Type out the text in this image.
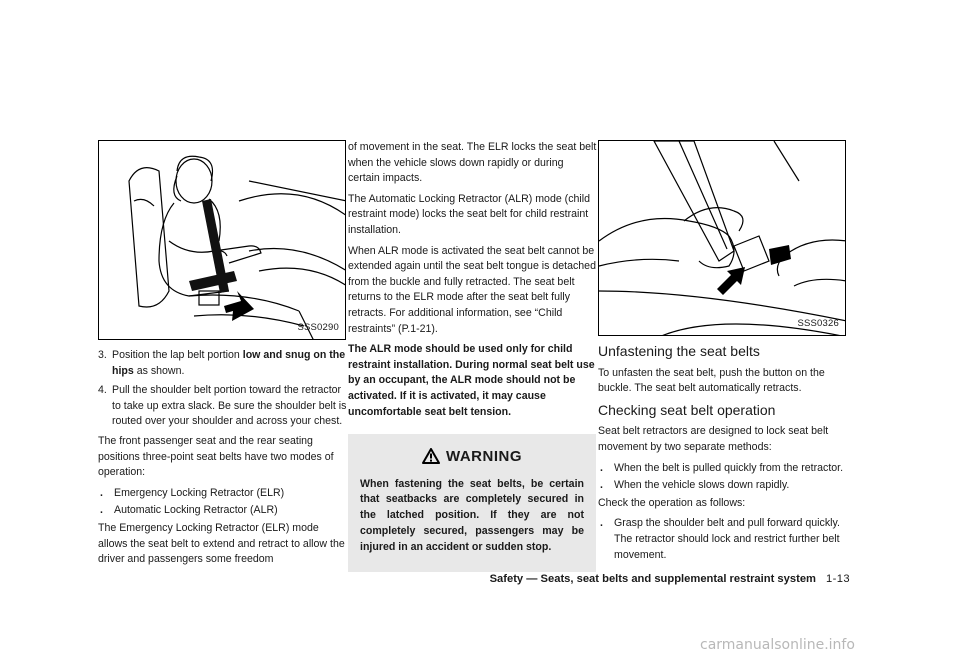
SSS0290
3. Position the lap belt portion low and snug on the hips as shown.
4. Pull the shoulder belt portion toward the retractor to take up extra slack. Be sure the shoulder belt is routed over your shoulder and across your chest.

The front passenger seat and the rear seating positions three-point seat belts have two modes of operation:

.	Emergency Locking Retractor (ELR)
.	Automatic Locking Retractor (ALR)

The Emergency Locking Retractor (ELR) mode allows the seat belt to extend and retract to allow the driver and passengers some freedom

of movement in the seat. The ELR locks the seat belt when the vehicle slows down rapidly or during certain impacts.

The Automatic Locking Retractor (ALR) mode (child restraint mode) locks the seat belt for child restraint installation.

When ALR mode is activated the seat belt cannot be extended again until the seat belt tongue is detached from the buckle and fully retracted. The seat belt returns to the ELR mode after the seat belt fully retracts. For additional information, see “Child restraints” (P.1-21).

The ALR mode should be used only for child restraint installation. During normal seat belt use by an occupant, the ALR mode should not be activated. If it is activated, it may cause uncomfortable seat belt tension.

WARNING
When fastening the seat belts, be certain that seatbacks are completely secured in the latched position. If they are not completely secured, passengers may be injured in an accident or sudden stop.
SSS0326
Unfastening the seat belts

To unfasten the seat belt, push the button on the buckle. The seat belt automatically retracts.

Checking seat belt operation

Seat belt retractors are designed to lock seat belt movement by two separate methods:

.	When the belt is pulled quickly from the retractor.
.	When the vehicle slows down rapidly.

Check the operation as follows:

.	Grasp the shoulder belt and pull forward quickly. The retractor should lock and restrict further belt movement.
Safety — Seats, seat belts and supplemental restraint system 1-13
carmanualsonline.info
